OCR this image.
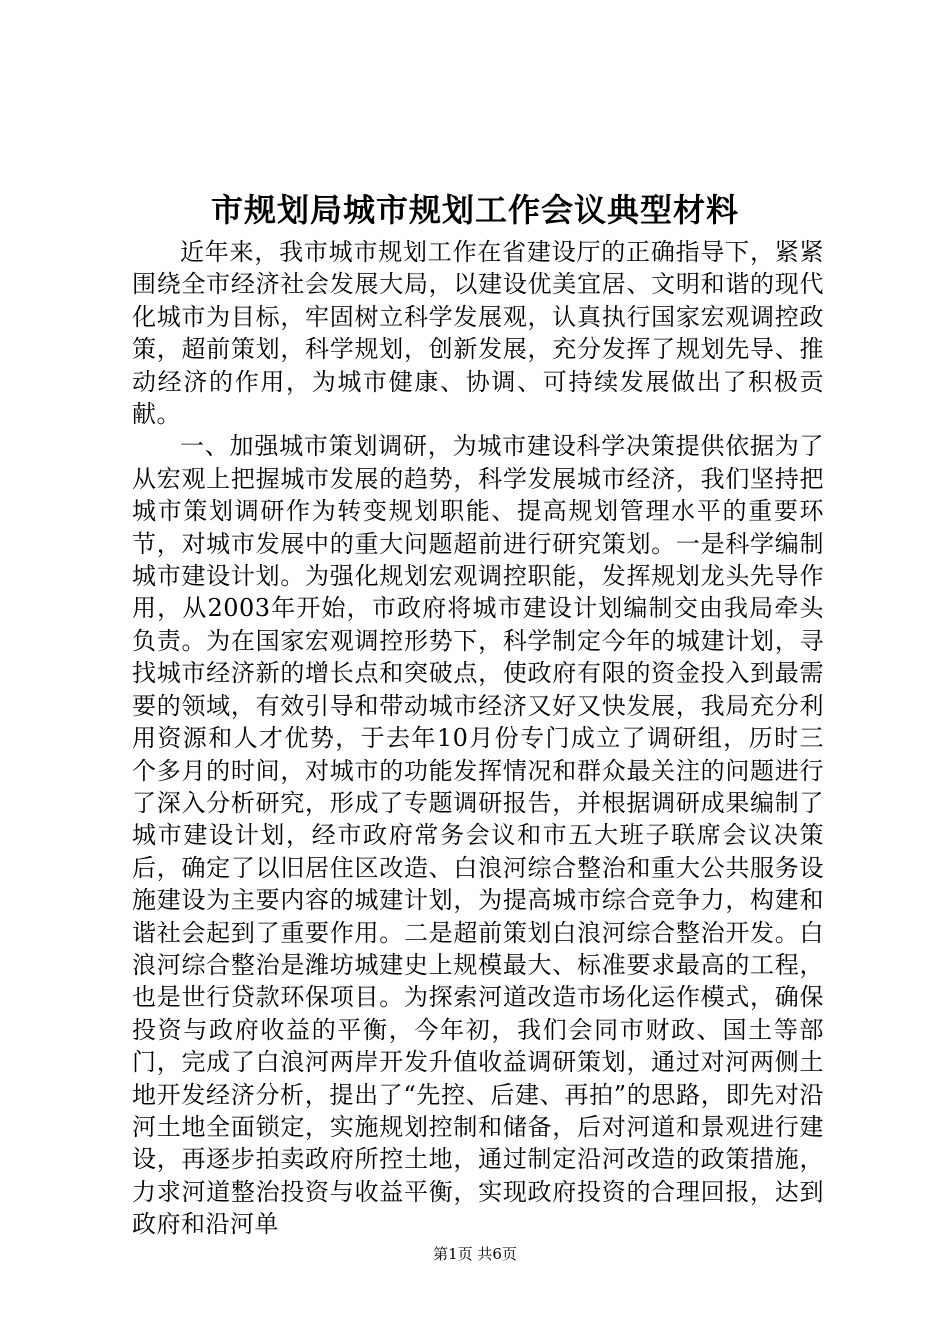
市规划局城市规划工作会议典型材料

近年来，我市城市规划工作在省建设厅的正确指导下，紧紧围绕全市经济社会发展大局，以建设优美宜居、文明和谐的现代化城市为目标，牢固树立科学发展观，认真执行国家宏观调控政策，超前策划，科学规划，创新发展，充分发挥了规划先导、推动经济的作用，为城市健康、协调、可持续发展做出了积极贡献。

一、加强城市策划调研，为城市建设科学决策提供依据为了从宏观上把握城市发展的趋势，科学发展城市经济，我们坚持把城市策划调研作为转变规划职能、提高规划管理水平的重要环节，对城市发展中的重大问题超前进行研究策划。一是科学编制城市建设计划。为强化规划宏观调控职能，发挥规划龙头先导作用，从2003年开始，市政府将城市建设计划编制交由我局牵头负责。为在国家宏观调控形势下，科学制定今年的城建计划，寻找城市经济新的增长点和突破点，使政府有限的资金投入到最需要的领域，有效引导和带动城市经济又好又快发展，我局充分利用资源和人才优势，于去年10月份专门成立了调研组，历时三个多月的时间，对城市的功能发挥情况和群众最关注的问题进行了深入分析研究，形成了专题调研报告，并根据调研成果编制了城市建设计划，经市政府常务会议和市五大班子联席会议决策后，确定了以旧居住区改造、白浪河综合整治和重大公共服务设施建设为主要内容的城建计划，为提高城市综合竞争力，构建和谐社会起到了重要作用。二是超前策划白浪河综合整治开发。白浪河综合整治是潍坊城建史上规模最大、标准要求最高的工程，也是世行贷款环保项目。为探索河道改造市场化运作模式，确保投资与政府收益的平衡，今年初，我们会同市财政、国土等部门，完成了白浪河两岸开发升值收益调研策划，通过对河两侧土地开发经济分析，提出了“先控、后建、再拍”的思路，即先对沿河土地全面锁定，实施规划控制和储备，后对河道和景观进行建设，再逐步拍卖政府所控土地，通过制定沿河改造的政策措施，力求河道整治投资与收益平衡，实现政府投资的合理回报，达到政府和沿河单

第1页 共6页
